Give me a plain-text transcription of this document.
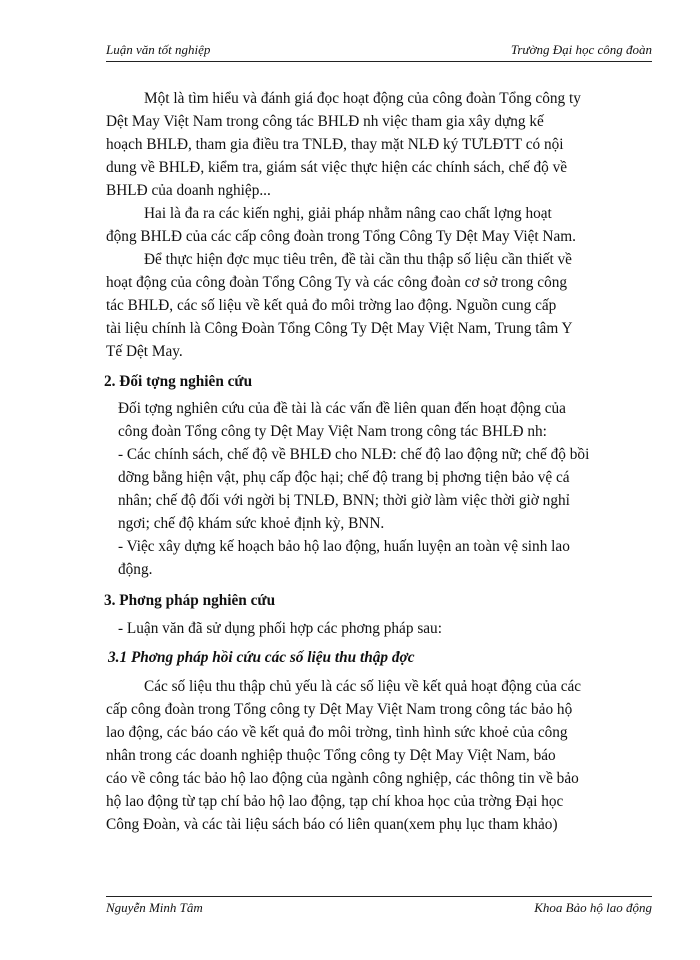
Luận văn tốt nghiệp	Trường Đại học công đoàn
Một là tìm hiểu và đánh giá đọc hoạt động của công đoàn Tổng công ty
Dệt May Việt Nam trong công tác BHLĐ nh việc tham gia xây dựng kế
hoạch BHLĐ, tham gia điều tra TNLĐ, thay mặt NLĐ ký TƯLĐTT có nội
dung về BHLĐ, kiểm tra, giám sát việc thực hiện các chính sách, chế độ về
BHLĐ của doanh nghiệp...
Hai là đa ra các kiến nghị, giải pháp nhằm nâng cao chất lợng hoạt
động BHLĐ của các cấp công đoàn trong Tổng Công Ty Dệt May Việt Nam.
Để thực hiện đợc mục tiêu trên, đề tài cần thu thập số liệu cần thiết về
hoạt động của công đoàn Tổng Công Ty và các công đoàn cơ sở trong công
tác BHLĐ, các số liệu về kết quả đo môi trờng lao động. Nguồn cung cấp
tài liệu chính là Công Đoàn Tổng Công Ty Dệt May Việt Nam, Trung tâm Y
Tế Dệt May.
2. Đối tợng nghiên cứu
Đối tợng nghiên cứu của đề tài là các vấn đề liên quan đến hoạt động của
công đoàn Tổng công ty Dệt May Việt Nam trong công tác BHLĐ nh:
- Các chính sách, chế độ về BHLĐ cho NLĐ: chế độ lao động nữ; chế độ bồi
dỡng bằng hiện vật, phụ cấp độc hại; chế độ trang bị phơng tiện bảo vệ cá
nhân; chế độ đối với ngời bị TNLĐ, BNN; thời giờ làm việc thời giờ nghỉ
ngơi; chế độ khám sức khoẻ định kỳ, BNN.
- Việc xây dựng kế hoạch bảo hộ lao động, huấn luyện an toàn vệ sinh lao
động.
3. Phơng pháp nghiên cứu
- Luận văn đã sử dụng phối hợp các phơng pháp sau:
3.1 Phơng pháp hồi cứu các số liệu thu thập đợc
Các số liệu thu thập chủ yếu là các số liệu về kết quả hoạt động của các
cấp công đoàn trong Tổng công ty Dệt May Việt Nam trong công tác bảo hộ
lao động, các báo cáo về kết quả đo môi trờng, tình hình sức khoẻ của công
nhân trong các doanh nghiệp thuộc Tổng công ty Dệt May Việt Nam, báo
cáo về công tác bảo hộ lao động của ngành công nghiệp, các thông tin về bảo
hộ lao động từ tạp chí bảo hộ lao động, tạp chí khoa học của trờng Đại học
Công Đoàn, và các tài liệu sách báo có liên quan(xem phụ lục tham khảo)
Nguyễn Minh Tâm	Khoa Bảo hộ lao động
